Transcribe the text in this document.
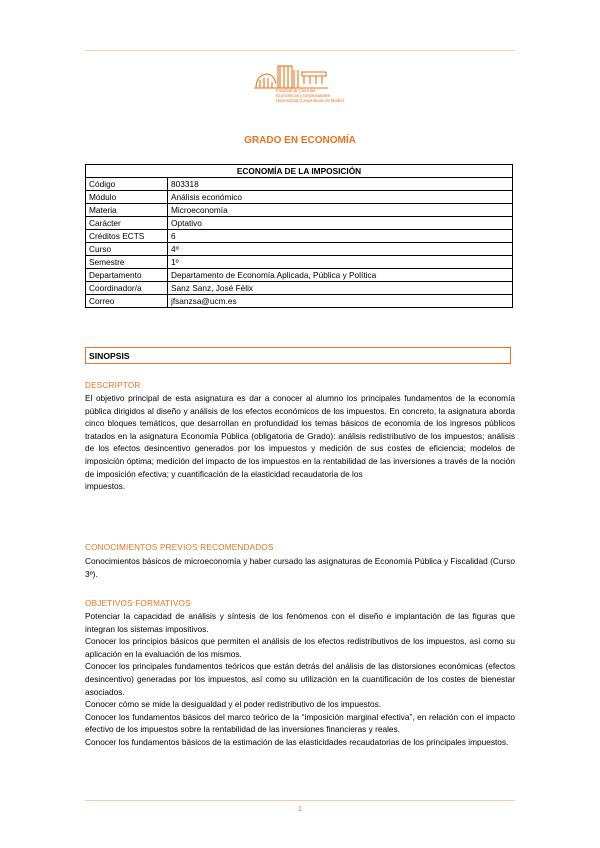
Facultad de Ciencias
Económicas y Empresariales
Universidad Complutense de Madrid
GRADO EN ECONOMÍA
ECONOMÍA DE LA IMPOSICIÓN	
Código	803318
Módulo	Análisis económico
Materia	Microeconomía
Carácter	Optativo
Créditos ECTS	6
Curso	4º
Semestre	1º
Departamento	Departamento de Economía Aplicada, Pública y Política
Coordinador/a	Sanz Sanz, José Félix
Correo	jfsanzsa@ucm.es
SINOPSIS
DESCRIPTOR

El objetivo principal de esta asignatura es dar a conocer al alumno los principales fundamentos de la economía pública dirigidos al diseño y análisis de los efectos económicos de los impuestos. En concreto, la asignatura aborda cinco bloques temáticos, que desarrollan en profundidad los temas básicos de economía de los ingresos públicos tratados en la asignatura Economía Pública (obligatoria de Grado): análisis redistributivo de los impuestos; análisis de los efectos desincentivo generados por los impuestos y medición de sus costes de eficiencia; modelos de imposición óptima; medición del impacto de los impuestos en la rentabilidad de las inversiones a través de la noción de imposición efectiva; y cuantificación de la elasticidad recaudatoria de los

impuestos.

CONOCIMIENTOS PREVIOS RECOMENDADOS

Conocimientos básicos de microeconomía y haber cursado las asignaturas de Economía Pública y Fiscalidad (Curso 3º).

OBJETIVOS FORMATIVOS

Potenciar la capacidad de análisis y síntesis de los fenómenos con el diseño e implantación de las figuras que integran los sistemas impositivos.

Conocer los principios básicos que permiten el análisis de los efectos redistributivos de los impuestos, así como su aplicación en la evaluación de los mismos.

Conocer los principales fundamentos teóricos que están detrás del análisis de las distorsiones económicas (efectos desincentivo) generadas por los impuestos, así como su utilización en la cuantificación de los costes de bienestar asociados.

Conocer cómo se mide la desigualdad y el poder redistributivo de los impuestos.

Conocer los fundamentos básicos del marco teórico de la “imposición marginal efectiva”, en relación con el impacto efectivo de los impuestos sobre la rentabilidad de las inversiones financieras y reales.

Conocer los fundamentos básicos de la estimación de las elasticidades recaudatorias de los principales impuestos.

1
